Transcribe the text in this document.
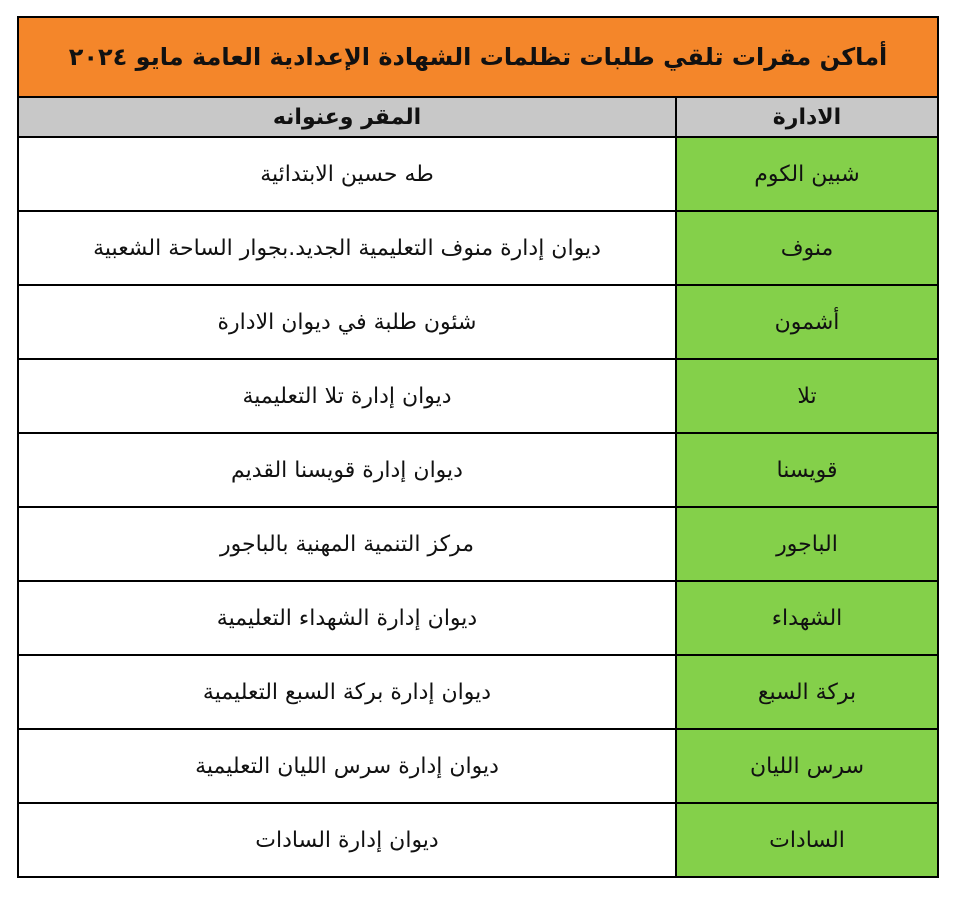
أماكن مقرات تلقي طلبات تظلمات الشهادة الإعدادية العامة مايو ٢٠٢٤	
الادارة	المقر وعنوانه
شبين الكوم	طه حسين الابتدائية
منوف	ديوان إدارة منوف التعليمية الجديد.بجوار الساحة الشعبية
أشمون	شئون طلبة في ديوان الادارة
تلا	ديوان إدارة تلا التعليمية
قويسنا	ديوان إدارة قويسنا القديم
الباجور	مركز التنمية المهنية بالباجور
الشهداء	ديوان إدارة الشهداء التعليمية
بركة السبع	ديوان إدارة بركة السبع التعليمية
سرس الليان	ديوان إدارة سرس الليان التعليمية
السادات	ديوان إدارة السادات
